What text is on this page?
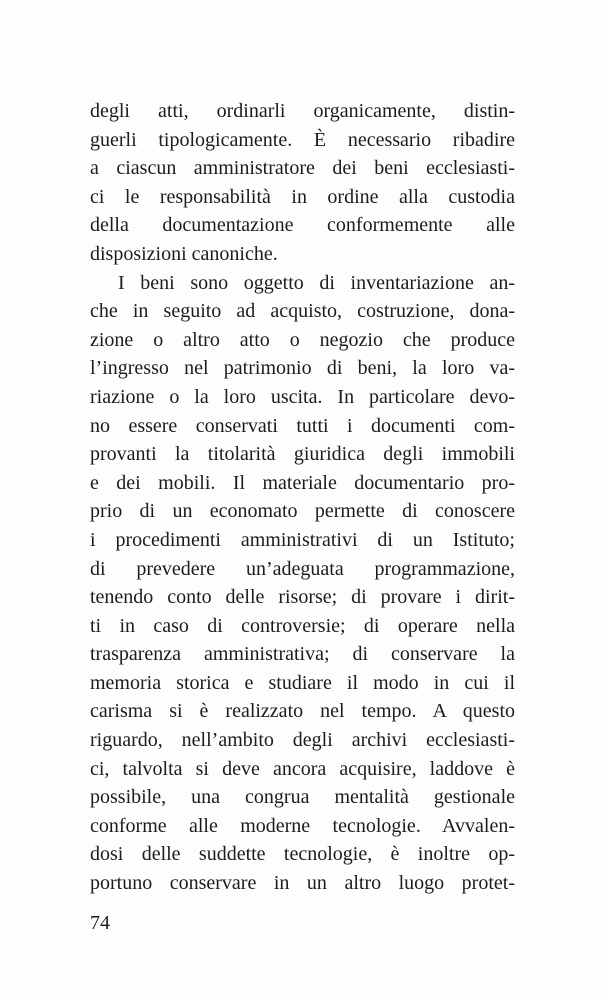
degli atti, ordinarli organicamente, distin-
guerli tipologicamente. È necessario ribadire
a ciascun amministratore dei beni ecclesiasti-
ci le responsabilità in ordine alla custodia
della documentazione conformemente alle
disposizioni canoniche.
I beni sono oggetto di inventariazione an-
che in seguito ad acquisto, costruzione, dona-
zione o altro atto o negozio che produce
l’ingresso nel patrimonio di beni, la loro va-
riazione o la loro uscita. In particolare devo-
no essere conservati tutti i documenti com-
provanti la titolarità giuridica degli immobili
e dei mobili. Il materiale documentario pro-
prio di un economato permette di conoscere
i procedimenti amministrativi di un Istituto;
di prevedere un’adeguata programmazione,
tenendo conto delle risorse; di provare i dirit-
ti in caso di controversie; di operare nella
trasparenza amministrativa; di conservare la
memoria storica e studiare il modo in cui il
carisma si è realizzato nel tempo. A questo
riguardo, nell’ambito degli archivi ecclesiasti-
ci, talvolta si deve ancora acquisire, laddove è
possibile, una congrua mentalità gestionale
conforme alle moderne tecnologie. Avvalen-
dosi delle suddette tecnologie, è inoltre op-
portuno conservare in un altro luogo protet-
74
